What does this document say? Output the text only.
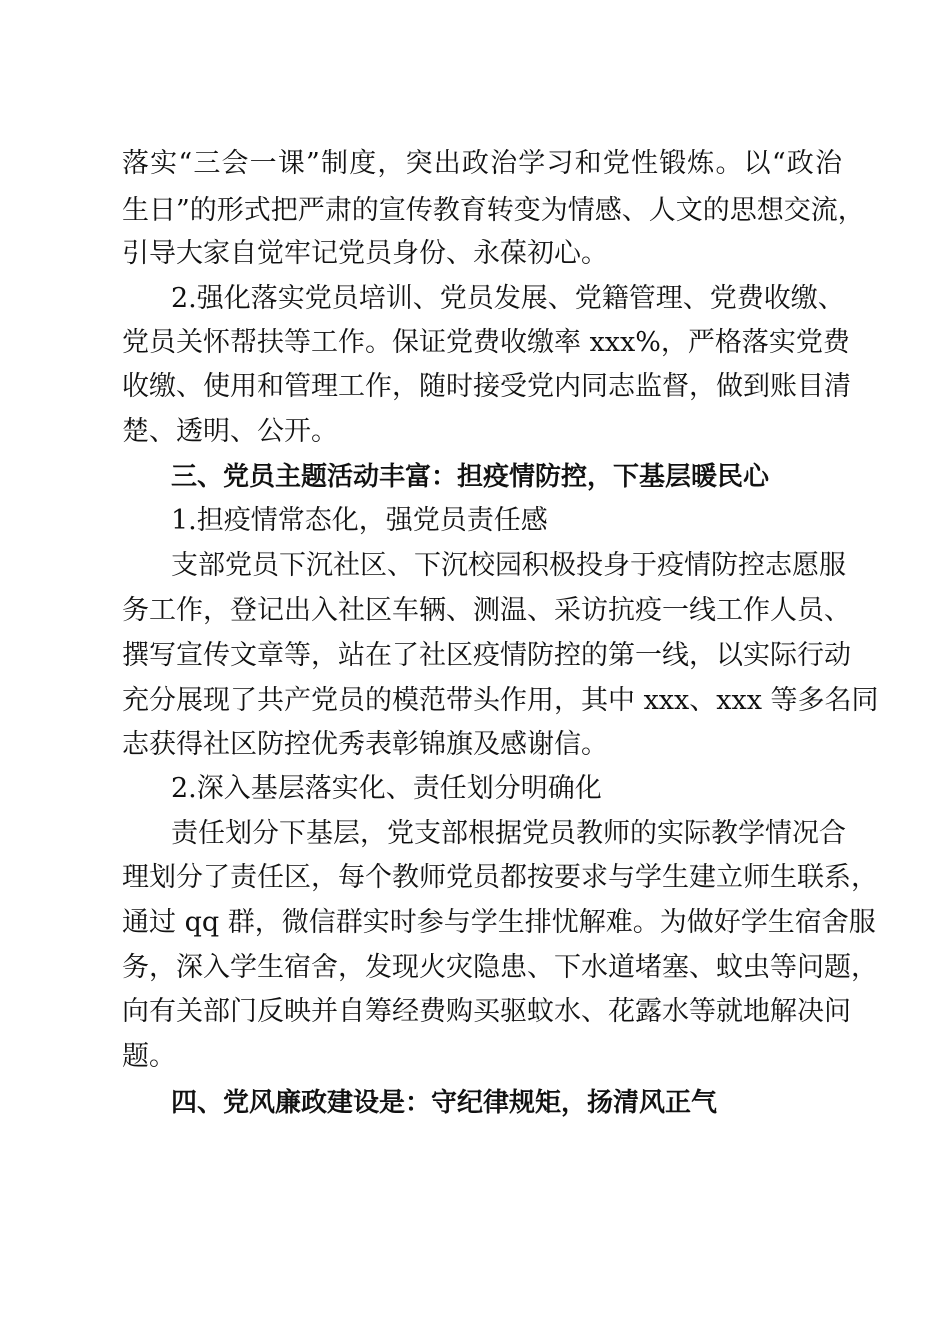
落实“三会一课”制度，突出政治学习和党性锻炼。以“政治
生日”的形式把严肃的宣传教育转变为情感、人文的思想交流，
引导大家自觉牢记党员身份、永葆初心。
2.强化落实党员培训、党员发展、党籍管理、党费收缴、
党员关怀帮扶等工作。保证党费收缴率 xxx%，严格落实党费
收缴、使用和管理工作，随时接受党内同志监督，做到账目清
楚、透明、公开。
三、党员主题活动丰富：担疫情防控，下基层暖民心
1.担疫情常态化，强党员责任感
支部党员下沉社区、下沉校园积极投身于疫情防控志愿服
务工作，登记出入社区车辆、测温、采访抗疫一线工作人员、
撰写宣传文章等，站在了社区疫情防控的第一线，以实际行动
充分展现了共产党员的模范带头作用，其中 xxx、xxx 等多名同
志获得社区防控优秀表彰锦旗及感谢信。
2.深入基层落实化、责任划分明确化
责任划分下基层，党支部根据党员教师的实际教学情况合
理划分了责任区，每个教师党员都按要求与学生建立师生联系，
通过 qq 群，微信群实时参与学生排忧解难。为做好学生宿舍服
务，深入学生宿舍，发现火灾隐患、下水道堵塞、蚊虫等问题，
向有关部门反映并自筹经费购买驱蚊水、花露水等就地解决问
题。
四、党风廉政建设是：守纪律规矩，扬清风正气
